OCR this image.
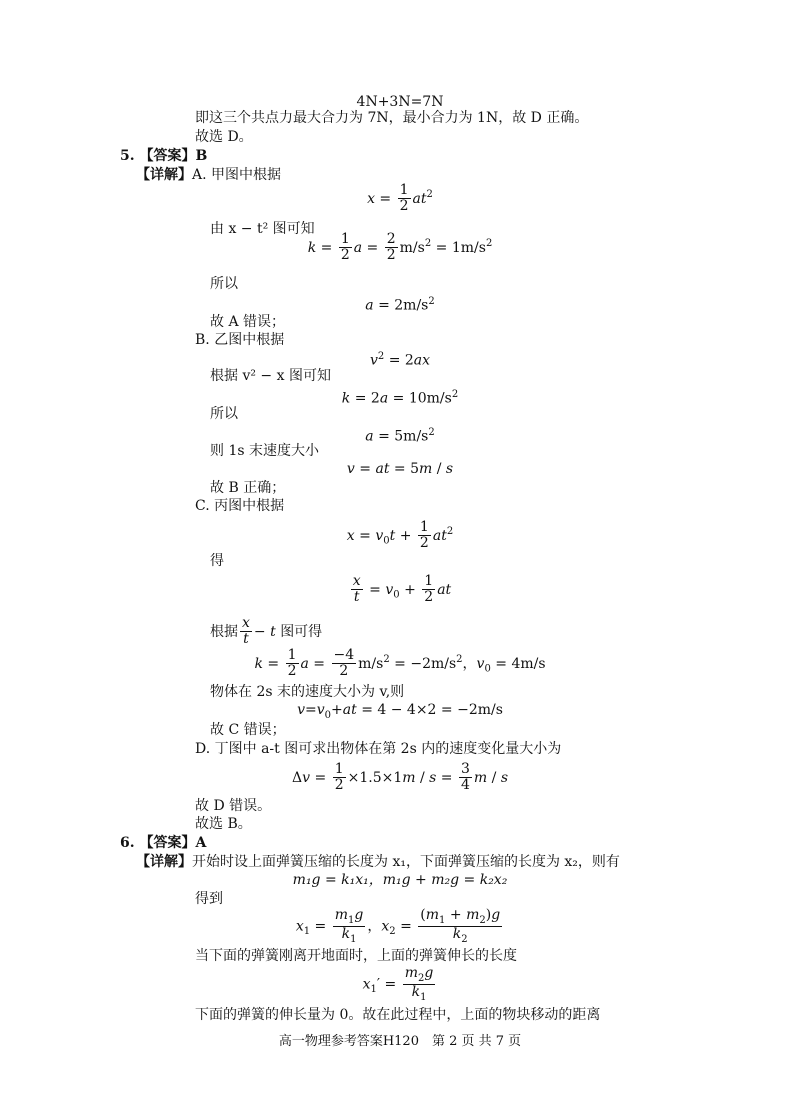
4N+3N=7N
即这三个共点力最大合力为 7N，最小合力为 1N，故 D 正确。
故选 D。
5. 【答案】B
【详解】A. 甲图中根据
$x = \frac{1}{2} at^2$
由 x − t² 图可知
$k = \frac{1}{2}$ $a = \frac{2}{2} m/s^2 = 1m/s^2$
所以
$a = 2m/s^2$
故 A 错误；
B. 乙图中根据
$v^2 = 2ax$
根据 v² − x 图可知
$k = 2a = 10m/s^2$
所以
$a = 5m/s^2$
则 1s 末速度大小
v = at = 5m / s
故 B 正确；
C. 丙图中根据
$x = v_0t + \frac{1}{2} at^2$
得
$\frac{x}{t} = v_0 + \frac{1}{2}$ at
根据 $\frac{x}{t} - t$ 图可得
$k = \frac{1}{2}$ $a = \frac{-4}{2} m/s^2 = -2m/s^2$，$v_0 = 4m/s$
物体在 2s 末的速度大小为 v,则
$v=v_0+at = 4 - 4\times 2 = -2m/s$
故 C 错误；
D. 丁图中 a-t 图可求出物体在第 2s 内的速度变化量大小为
$\Delta v = \frac{1}{2} \times 1.5\times 1m / s = \frac{3}{4}$ m / s
故 D 错误。
故选 B。
6. 【答案】A
【详解】开始时设上面弹簧压缩的长度为 x₁，下面弹簧压缩的长度为 x₂，则有
m₁g = k₁x₁，m₁g + m₂g = k₂x₂
得到
$x_1 = \frac{m_1g}{k_1}$ ，$x_2 = \frac{(m_1 + m_2)g}{k_2}$
当下面的弹簧刚离开地面时，上面的弹簧伸长的长度
$x_1' = \frac{m_2g}{k_1}$
下面的弹簧的伸长量为 0。故在此过程中，上面的物块移动的距离
高一物理参考答案H120　第 2 页 共 7 页
